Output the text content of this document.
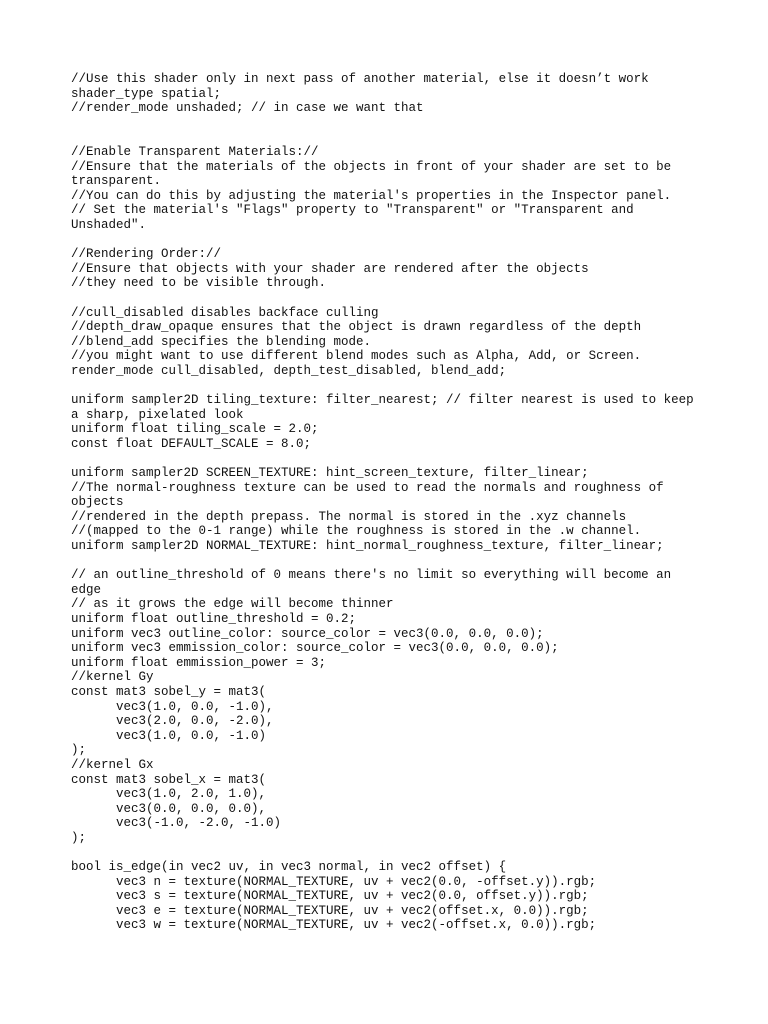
//Use this shader only in next pass of another material, else it doesn’t work
shader_type spatial;
//render_mode unshaded; // in case we want that
//Enable Transparent Materials://
//Ensure that the materials of the objects in front of your shader are set to be
transparent.
//You can do this by adjusting the material's properties in the Inspector panel.
// Set the material's "Flags" property to "Transparent" or "Transparent and
Unshaded".
//Rendering Order://
//Ensure that objects with your shader are rendered after the objects
//they need to be visible through.
//cull_disabled disables backface culling
//depth_draw_opaque ensures that the object is drawn regardless of the depth
//blend_add specifies the blending mode.
//you might want to use different blend modes such as Alpha, Add, or Screen.
render_mode cull_disabled, depth_test_disabled, blend_add;
uniform sampler2D tiling_texture: filter_nearest; // filter nearest is used to keep
a sharp, pixelated look
uniform float tiling_scale = 2.0;
const float DEFAULT_SCALE = 8.0;
uniform sampler2D SCREEN_TEXTURE: hint_screen_texture, filter_linear;
//The normal-roughness texture can be used to read the normals and roughness of
objects
//rendered in the depth prepass. The normal is stored in the .xyz channels
//(mapped to the 0-1 range) while the roughness is stored in the .w channel.
uniform sampler2D NORMAL_TEXTURE: hint_normal_roughness_texture, filter_linear;
// an outline_threshold of 0 means there's no limit so everything will become an
edge
// as it grows the edge will become thinner
uniform float outline_threshold = 0.2;
uniform vec3 outline_color: source_color = vec3(0.0, 0.0, 0.0);
uniform vec3 emmission_color: source_color = vec3(0.0, 0.0, 0.0);
uniform float emmission_power = 3;
//kernel Gy
const mat3 sobel_y = mat3(
vec3(1.0, 0.0, -1.0),
vec3(2.0, 0.0, -2.0),
vec3(1.0, 0.0, -1.0)
);
//kernel Gx
const mat3 sobel_x = mat3(
vec3(1.0, 2.0, 1.0),
vec3(0.0, 0.0, 0.0),
vec3(-1.0, -2.0, -1.0)
);
bool is_edge(in vec2 uv, in vec3 normal, in vec2 offset) {
vec3 n = texture(NORMAL_TEXTURE, uv + vec2(0.0, -offset.y)).rgb;
vec3 s = texture(NORMAL_TEXTURE, uv + vec2(0.0, offset.y)).rgb;
vec3 e = texture(NORMAL_TEXTURE, uv + vec2(offset.x, 0.0)).rgb;
vec3 w = texture(NORMAL_TEXTURE, uv + vec2(-offset.x, 0.0)).rgb;
